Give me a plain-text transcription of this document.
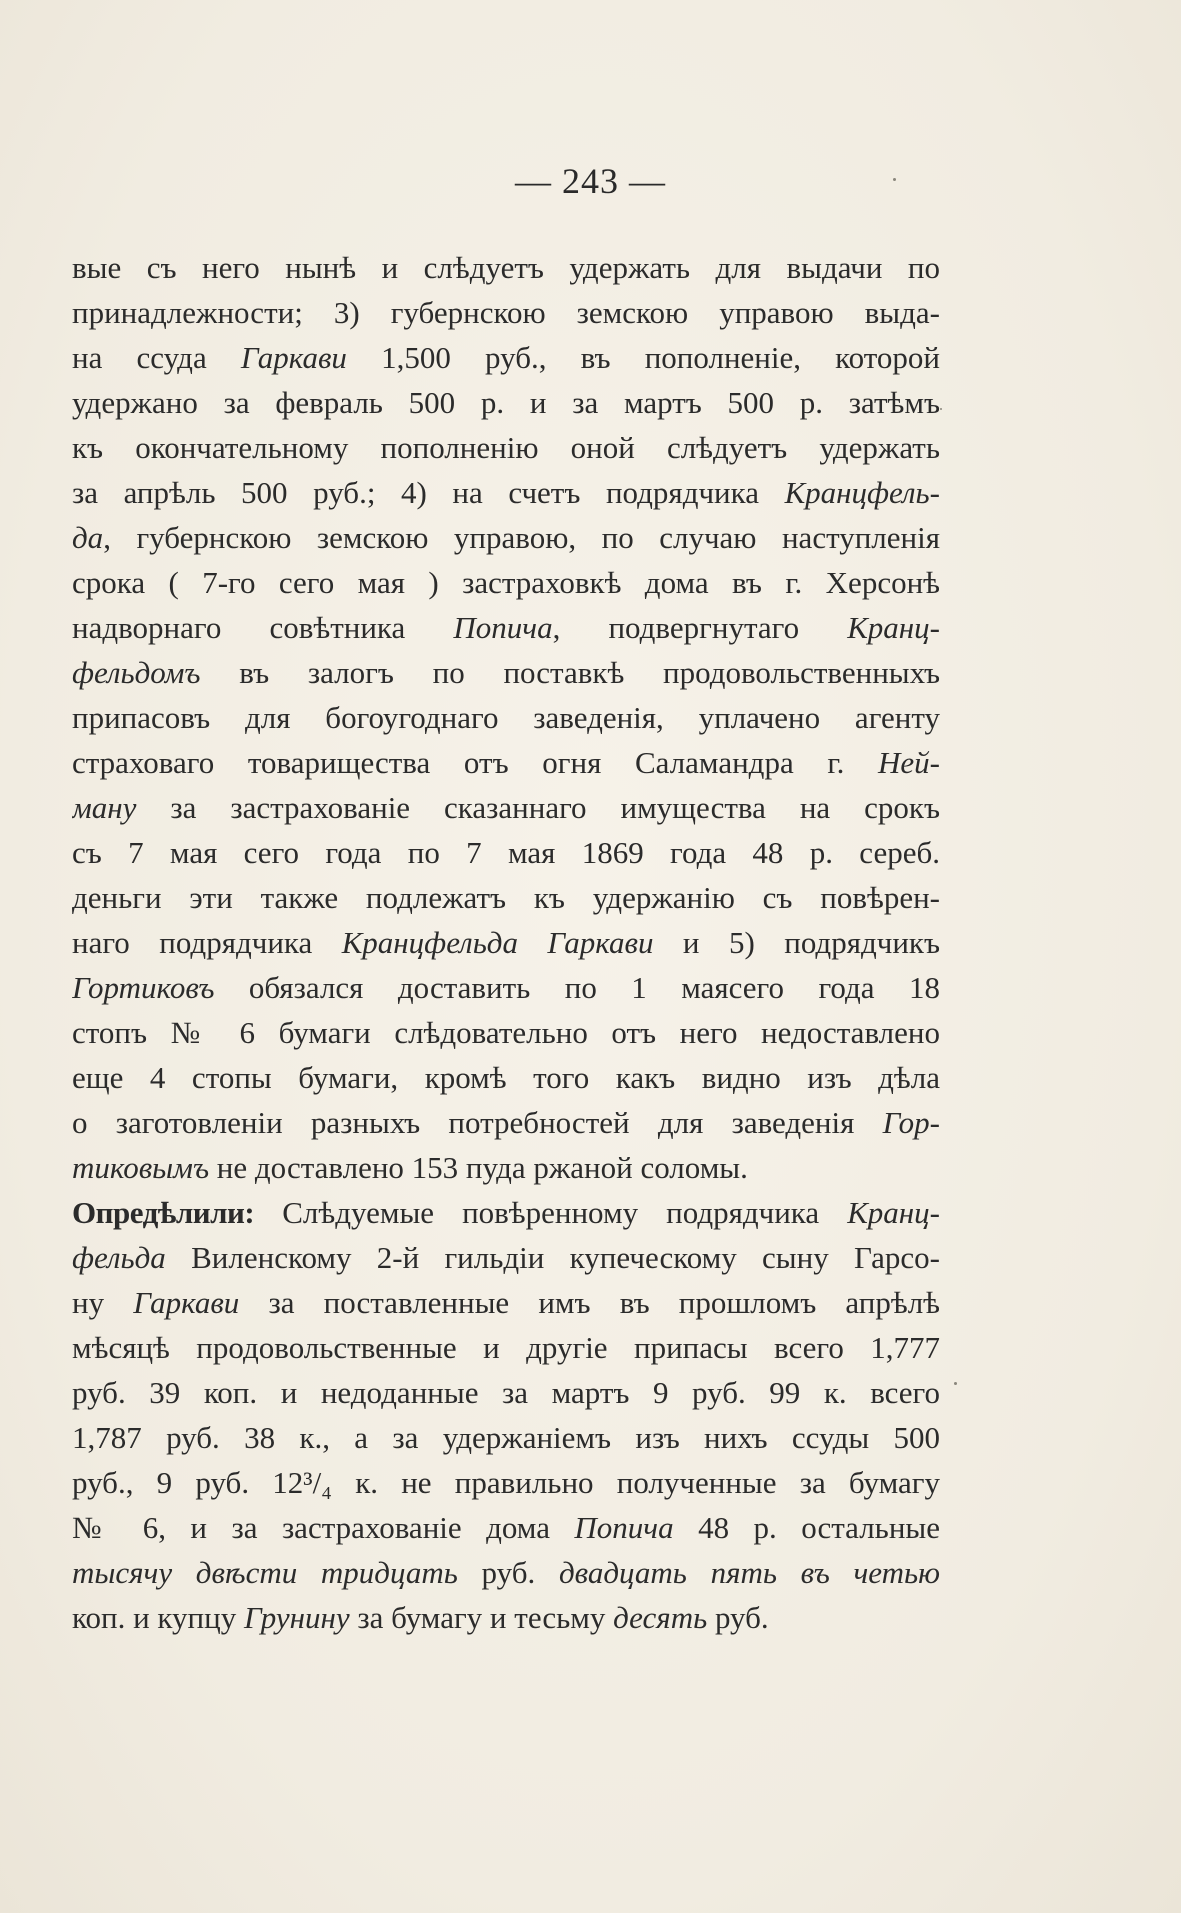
— 243 —
вые съ него нынѣ и слѣдуетъ удержать для выдачи по
принадлежности; 3) губернскою земскою управою выда-
на ссуда Гаркави 1,500 руб., въ пополненіе, которой
удержано за февраль 500 р. и за мартъ 500 р. затѣмъ
къ окончательному пополненію оной слѣдуетъ удержать
за апрѣль 500 руб.; 4) на счетъ подрядчика Кранцфель-
да, губернскою земскою управою, по случаю наступленія
срока ( 7-го сего мая ) застраховкѣ дома въ г. Херсонѣ
надворнаго совѣтника Попича, подвергнутаго Кранц-
фельдомъ въ залогъ по поставкѣ продовольственныхъ
припасовъ для богоугоднаго заведенія, уплачено агенту
страховаго товарищества отъ огня Саламандра г. Ней-
ману за застрахованіе сказаннаго имущества на срокъ
съ 7 мая сего года по 7 мая 1869 года 48 р. сереб.
деньги эти также подлежатъ къ удержанію съ повѣрен-
наго подрядчика Кранцфельда Гаркави и 5) подрядчикъ
Гортиковъ обязался доставить по 1 маясего года 18
стопъ № 6 бумаги слѣдовательно отъ него недоставлено
еще 4 стопы бумаги, кромѣ того какъ видно изъ дѣла
о заготовленіи разныхъ потребностей для заведенія Гор-
тиковымъ не доставлено 153 пуда ржаной соломы.
Опредѣлили: Слѣдуемые повѣренному подрядчика Кранц-
фельда Виленскому 2-й гильдіи купеческому сыну Гарсо-
ну Гаркави за поставленные имъ въ прошломъ апрѣлѣ
мѣсяцѣ продовольственные и другіе припасы всего 1,777
руб. 39 коп. и недоданные за мартъ 9 руб. 99 к. всего
1,787 руб. 38 к., а за удержаніемъ изъ нихъ ссуды 500
руб., 9 руб. 12³/₄ к. не правильно полученные за бумагу
№ 6, и за застрахованіе дома Попича 48 р. остальные
тысячу двѣсти тридцать руб. двадцать пять въ четью
коп. и купцу Грунину за бумагу и тесьму десять руб.
